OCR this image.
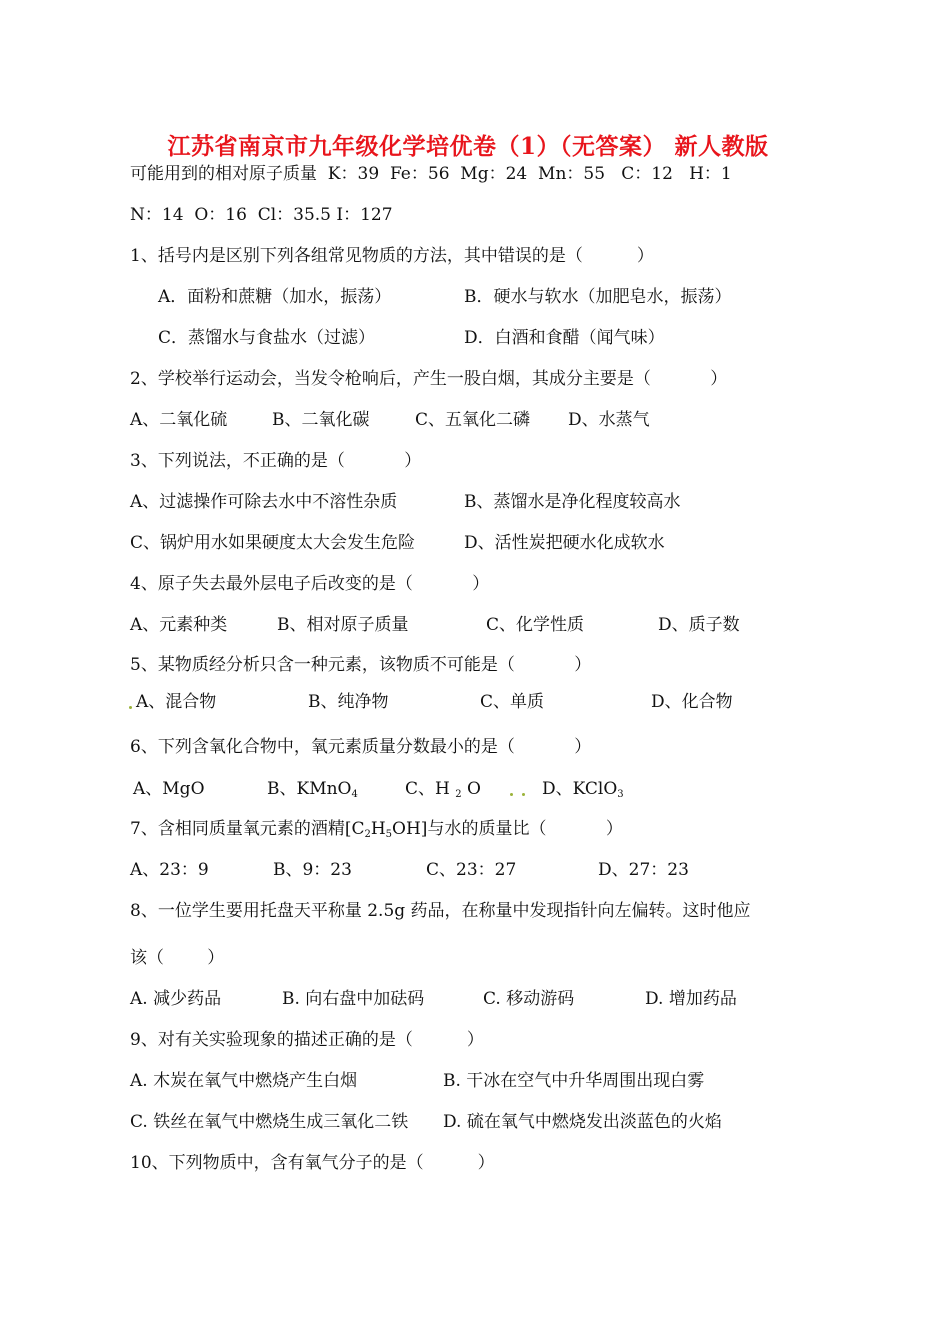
江苏省南京市九年级化学培优卷（1）（无答案） 新人教版
可能用到的相对原子质量  K：39  Fe：56  Mg：24  Mn：55   C：12   H：1
N：14  O：16  Cl：35.5 I：127
1、括号内是区别下列各组常见物质的方法，其中错误的是（          ）
A．面粉和蔗糖（加水，振荡）	B．硬水与软水（加肥皂水，振荡）
C．蒸馏水与食盐水（过滤）	D．白酒和食醋（闻气味）
2、学校举行运动会，当发令枪响后，产生一股白烟，其成分主要是（           ）
A、二氧化硫	B、二氧化碳	C、五氧化二磷 D、水蒸气
3、下列说法，不正确的是（           ）
A、过滤操作可除去水中不溶性杂质	B、蒸馏水是净化程度较高水
C、锅炉用水如果硬度太大会发生危险	D、活性炭把硬水化成软水
4、原子失去最外层电子后改变的是（           ）
A、元素种类	B、相对原子质量	C、化学性质	D、质子数
5、某物质经分析只含一种元素，该物质不可能是（           ）
A、混合物	B、纯净物	C、单质	D、化合物
6、下列含氧化合物中，氧元素质量分数最小的是（           ）
A、MgO	B、KMnO$_4$	C、H $_2$ O	D、KClO$_3$
7、含相同质量氧元素的酒精$[C_2H_5OH]$与水的质量比（           ）
A、23：9	B、9：23	C、23：27	D、27：23
8、一位学生要用托盘天平称量 2.5g 药品，在称量中发现指针向左偏转。这时他应
该（        ）
A. 减少药品	B. 向右盘中加砝码	C. 移动游码	D. 增加药品
9、对有关实验现象的描述正确的是（          ）
A. 木炭在氧气中燃烧产生白烟	B. 干冰在空气中升华周围出现白雾
C. 铁丝在氧气中燃烧生成三氧化二铁 D. 硫在氧气中燃烧发出淡蓝色的火焰
10、下列物质中，含有氧气分子的是（          ）
